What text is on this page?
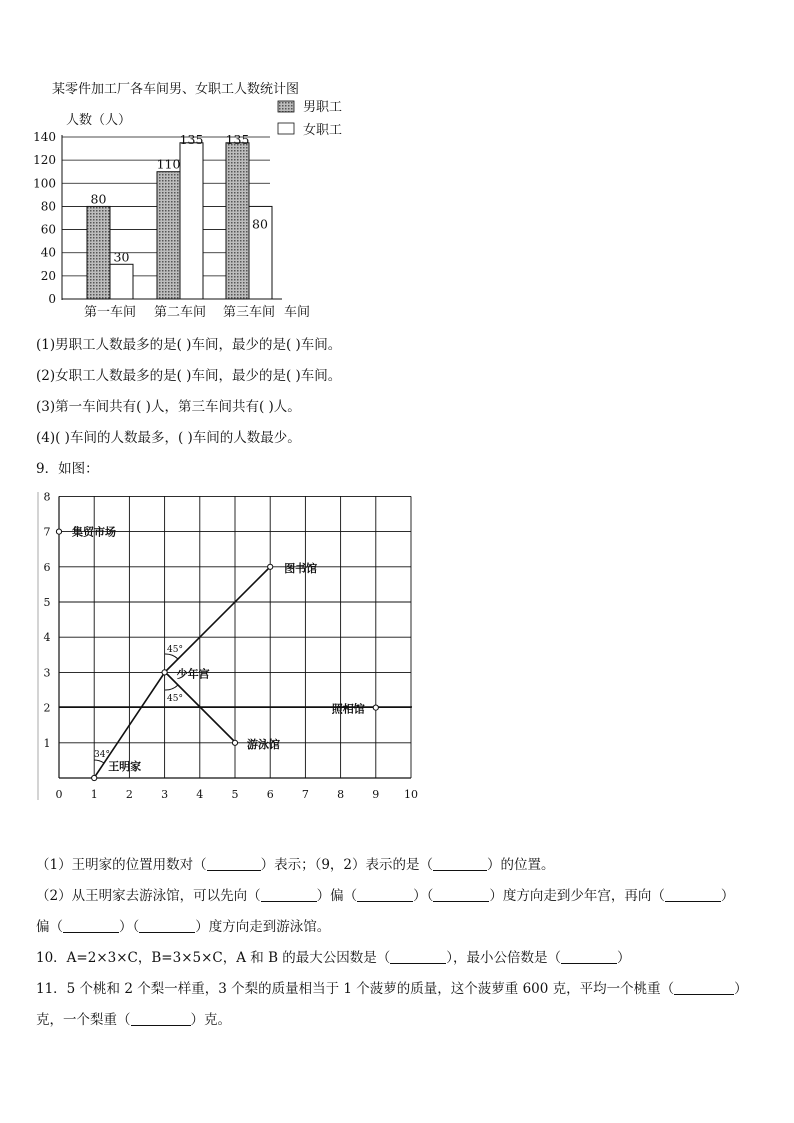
某零件加工厂各车间男、女职工人数统计图
人数（人）
车间
0
20
40
60
80
100
120
140
80
30
110
135 135
80
第一车间 第二车间 第三车间
男职工
女职工
(1)男职工人数最多的是( )车间，最少的是( )车间。
(2)女职工人数最多的是( )车间，最少的是( )车间。
(3)第一车间共有( )人，第三车间共有( )人。
(4)( )车间的人数最多，( )车间的人数最少。
9．如图：
0	1	2	3	4	5	6	7	8	9 10
1
2
3
4
5
6
7
8
45°
45°
34°
集贸市场
图书馆
少年宫
照相馆
游泳馆
王明家
（1）王明家的位置用数对（	）表示；（9，2）表示的是（	）的位置。
（2）从王明家去游泳馆，可以先向（	）偏（	）（	）度方向走到少年宫，再向（	）
偏（	）（	）度方向走到游泳馆。
10．A=2×3×C，B=3×5×C，A 和 B 的最大公因数是（	），最小公倍数是（	）
11．5 个桃和 2 个梨一样重，3 个梨的质量相当于 1 个菠萝的质量，这个菠萝重 600 克，平均一个桃重（	）
克，一个梨重（	）克。
